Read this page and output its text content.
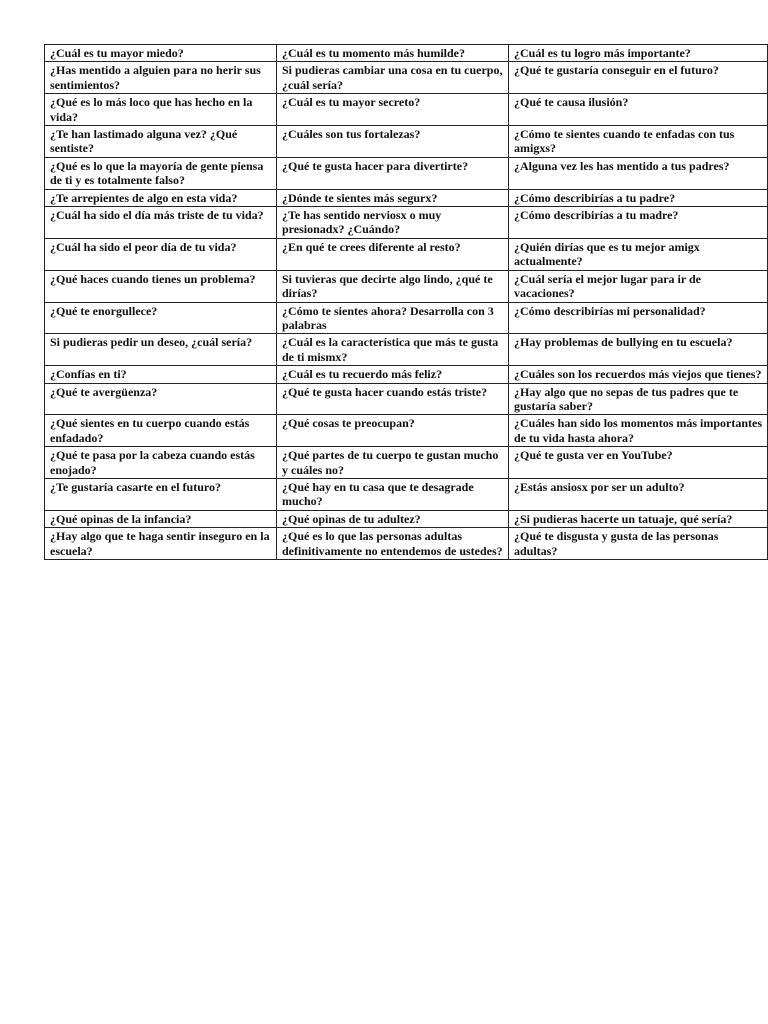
¿Cuál es tu mayor miedo?	¿Cuál es tu momento más humilde?	¿Cuál es tu logro más importante?
¿Has mentido a alguien para no herir sus sentimientos?	Si pudieras cambiar una cosa en tu cuerpo, ¿cuál sería?	¿Qué te gustaría conseguir en el futuro?
¿Qué es lo más loco que has hecho en la vida?	¿Cuál es tu mayor secreto?	¿Qué te causa ilusión?
¿Te han lastimado alguna vez? ¿Qué sentiste?	¿Cuáles son tus fortalezas?	¿Cómo te sientes cuando te enfadas con tus amigxs?
¿Qué es lo que la mayoría de gente piensa de ti y es totalmente falso?	¿Qué te gusta hacer para divertirte?	¿Alguna vez les has mentido a tus padres?
¿Te arrepientes de algo en esta vida?	¿Dónde te sientes más segurx?	¿Cómo describirías a tu padre?
¿Cuál ha sido el día más triste de tu vida?	¿Te has sentido nerviosx o muy presionadx? ¿Cuándo?	¿Cómo describirías a tu madre?
¿Cuál ha sido el peor día de tu vida?	¿En qué te crees diferente al resto?	¿Quién dirías que es tu mejor amigx actualmente?
¿Qué haces cuando tienes un problema?	Si tuvieras que decirte algo lindo, ¿qué te dirías?	¿Cuál sería el mejor lugar para ir de vacaciones?
¿Qué te enorgullece?	¿Cómo te sientes ahora? Desarrolla con 3 palabras	¿Cómo describirías mi personalidad?
Si pudieras pedir un deseo, ¿cuál sería?	¿Cuál es la característica que más te gusta de ti mismx?	¿Hay problemas de bullying en tu escuela?
¿Confías en ti?	¿Cuál es tu recuerdo más feliz?	¿Cuáles son los recuerdos más viejos que tienes?
¿Qué te avergüenza?	¿Qué te gusta hacer cuando estás triste?	¿Hay algo que no sepas de tus padres que te gustaría saber?
¿Qué sientes en tu cuerpo cuando estás enfadado?	¿Qué cosas te preocupan?	¿Cuáles han sido los momentos más importantes de tu vida hasta ahora?
¿Qué te pasa por la cabeza cuando estás enojado?	¿Qué partes de tu cuerpo te gustan mucho y cuáles no?	¿Qué te gusta ver en YouTube?
¿Te gustaría casarte en el futuro?	¿Qué hay en tu casa que te desagrade mucho?	¿Estás ansiosx por ser un adulto?
¿Qué opinas de la infancia?	¿Qué opinas de tu adultez?	¿Si pudieras hacerte un tatuaje, qué sería?
¿Hay algo que te haga sentir inseguro en la escuela?	¿Qué es lo que las personas adultas definitivamente no entendemos de ustedes?	¿Qué te disgusta y gusta de las personas adultas?
